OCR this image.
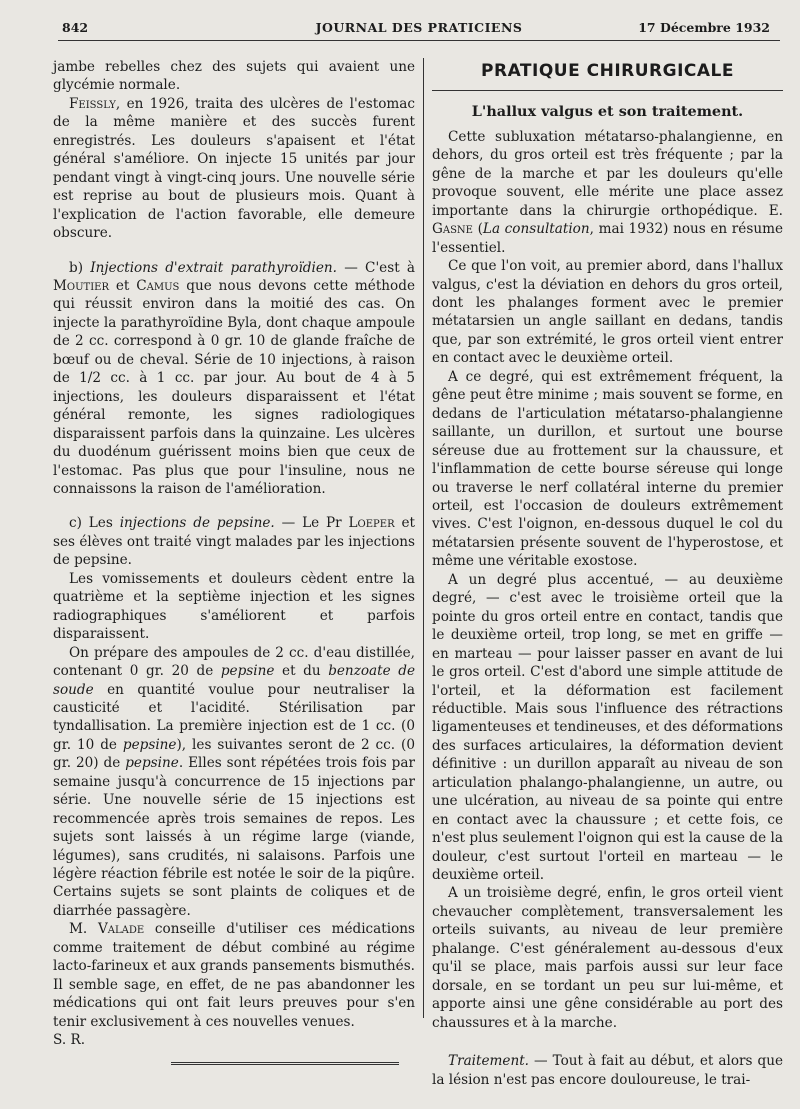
842	JOURNAL DES PRATICIENS	17 Décembre 1932

jambe rebelles chez des sujets qui avaient une glycémie normale.

Feissly, en 1926, traita des ulcères de l'estomac de la même manière et des succès furent enregistrés. Les douleurs s'apaisent et l'état général s'améliore. On injecte 15 unités par jour pendant vingt à vingt-cinq jours. Une nouvelle série est reprise au bout de plusieurs mois. Quant à l'explication de l'action favorable, elle demeure obscure.

b) Injections d'extrait parathyroïdien. — C'est à Moutier et Camus que nous devons cette méthode qui réussit environ dans la moitié des cas. On injecte la parathyroïdine Byla, dont chaque ampoule de 2 cc. correspond à 0 gr. 10 de glande fraîche de bœuf ou de cheval. Série de 10 injections, à raison de 1/2 cc. à 1 cc. par jour. Au bout de 4 à 5 injections, les douleurs disparaissent et l'état général remonte, les signes radiologiques disparaissent parfois dans la quinzaine. Les ulcères du duodénum guérissent moins bien que ceux de l'estomac. Pas plus que pour l'insuline, nous ne connaissons la raison de l'amélioration.

c) Les injections de pepsine. — Le Pr Loeper et ses élèves ont traité vingt malades par les injections de pepsine.

Les vomissements et douleurs cèdent entre la quatrième et la septième injection et les signes radiographiques s'améliorent et parfois disparaissent.

On prépare des ampoules de 2 cc. d'eau distillée, contenant 0 gr. 20 de pepsine et du benzoate de soude en quantité voulue pour neutraliser la causticité et l'acidité. Stérilisation par tyndallisation. La première injection est de 1 cc. (0 gr. 10 de pepsine), les suivantes seront de 2 cc. (0 gr. 20) de pepsine. Elles sont répétées trois fois par semaine jusqu'à concurrence de 15 injections par série. Une nouvelle série de 15 injections est recommencée après trois semaines de repos. Les sujets sont laissés à un régime large (viande, légumes), sans crudités, ni salaisons. Parfois une légère réaction fébrile est notée le soir de la piqûre. Certains sujets se sont plaints de coliques et de diarrhée passagère.

M. Valade conseille d'utiliser ces médications comme traitement de début combiné au régime lacto-farineux et aux grands pansements bismuthés. Il semble sage, en effet, de ne pas abandonner les médications qui ont fait leurs preuves pour s'en tenir exclusivement à ces nouvelles venues.

S. R.

PRATIQUE CHIRURGICALE
L'hallux valgus et son traitement.

Cette subluxation métatarso-phalangienne, en dehors, du gros orteil est très fréquente ; par la gêne de la marche et par les douleurs qu'elle provoque souvent, elle mérite une place assez importante dans la chirurgie orthopédique. E. Gasne (La consultation, mai 1932) nous en résume l'essentiel.

Ce que l'on voit, au premier abord, dans l'hallux valgus, c'est la déviation en dehors du gros orteil, dont les phalanges forment avec le premier métatarsien un angle saillant en dedans, tandis que, par son extrémité, le gros orteil vient entrer en contact avec le deuxième orteil.

A ce degré, qui est extrêmement fréquent, la gêne peut être minime ; mais souvent se forme, en dedans de l'articulation métatarso-phalangienne saillante, un durillon, et surtout une bourse séreuse due au frottement sur la chaussure, et l'inflammation de cette bourse séreuse qui longe ou traverse le nerf collatéral interne du premier orteil, est l'occasion de douleurs extrêmement vives. C'est l'oignon, en-dessous duquel le col du métatarsien présente souvent de l'hyperostose, et même une véritable exostose.

A un degré plus accentué, — au deuxième degré, — c'est avec le troisième orteil que la pointe du gros orteil entre en contact, tandis que le deuxième orteil, trop long, se met en griffe — en marteau — pour laisser passer en avant de lui le gros orteil. C'est d'abord une simple attitude de l'orteil, et la déformation est facilement réductible. Mais sous l'influence des rétractions ligamenteuses et tendineuses, et des déformations des surfaces articulaires, la déformation devient définitive : un durillon apparaît au niveau de son articulation phalango-phalangienne, un autre, ou une ulcération, au niveau de sa pointe qui entre en contact avec la chaussure ; et cette fois, ce n'est plus seulement l'oignon qui est la cause de la douleur, c'est surtout l'orteil en marteau — le deuxième orteil.

A un troisième degré, enfin, le gros orteil vient chevaucher complètement, transversalement les orteils suivants, au niveau de leur première phalange. C'est généralement au-dessous d'eux qu'il se place, mais parfois aussi sur leur face dorsale, en se tordant un peu sur lui-même, et apporte ainsi une gêne considérable au port des chaussures et à la marche.

Traitement. — Tout à fait au début, et alors que la lésion n'est pas encore douloureuse, le trai-
